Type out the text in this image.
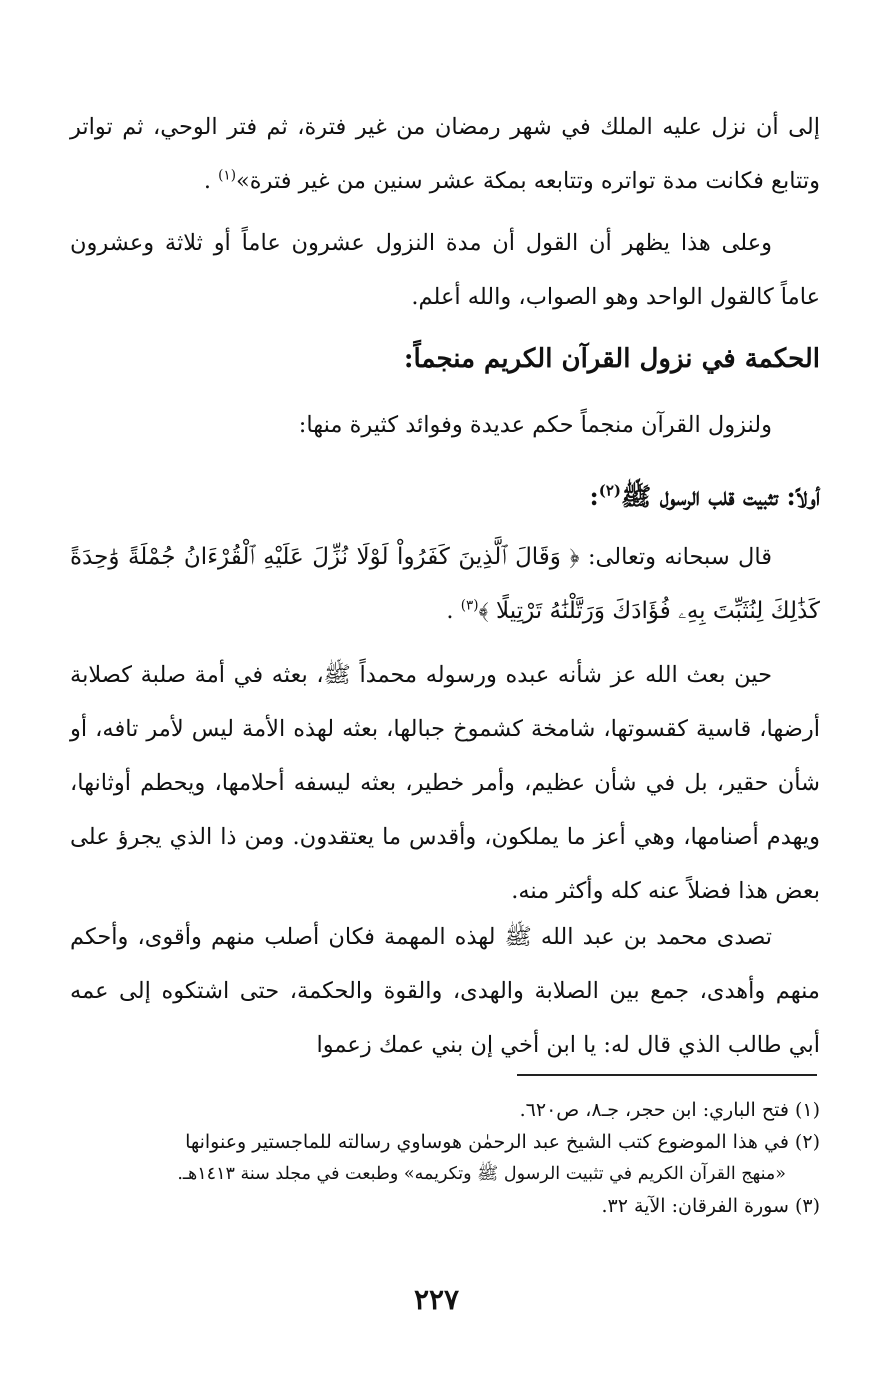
إلى أن نزل عليه الملك في شهر رمضان من غير فترة، ثم فتر الوحي، ثم تواتر وتتابع فكانت مدة تواتره وتتابعه بمكة عشر سنين من غير فترة»$^{(١)}$ .

وعلى هذا يظهر أن القول أن مدة النزول عشرون عاماً أو ثلاثة وعشرون عاماً كالقول الواحد وهو الصواب، والله أعلم.

الحكمة في نزول القرآن الكريم منجماً:

ولنزول القرآن منجماً حكم عديدة وفوائد كثيرة منها:

أولاً: تثبيت قلب الرسول ﷺ$^{(٢)}$:

قال سبحانه وتعالى: ﴿ وَقَالَ ٱلَّذِينَ كَفَرُواْ لَوْلَا نُزِّلَ عَلَيْهِ ٱلْقُرْءَانُ جُمْلَةً وَٰحِدَةً كَذَٰلِكَ لِنُثَبِّتَ بِهِۦ فُؤَادَكَ وَرَتَّلْنَٰهُ تَرْتِيلًا ﴾$^{(٣)}$ .

حين بعث الله عز شأنه عبده ورسوله محمداً ﷺ، بعثه في أمة صلبة كصلابة أرضها، قاسية كقسوتها، شامخة كشموخ جبالها، بعثه لهذه الأمة ليس لأمر تافه، أو شأن حقير، بل في شأن عظيم، وأمر خطير، بعثه ليسفه أحلامها، ويحطم أوثانها، ويهدم أصنامها، وهي أعز ما يملكون، وأقدس ما يعتقدون. ومن ذا الذي يجرؤ على بعض هذا فضلاً عنه كله وأكثر منه.

تصدى محمد بن عبد الله ﷺ لهذه المهمة فكان أصلب منهم وأقوى، وأحكم منهم وأهدى، جمع بين الصلابة والهدى، والقوة والحكمة، حتى اشتكوه إلى عمه أبي طالب الذي قال له: يا ابن أخي إن بني عمك زعموا

(١) فتح الباري: ابن حجر، جـ٨، ص٦٢٠.

(٢) في هذا الموضوع كتب الشيخ عبد الرحمٰن هوساوي رسالته للماجستير وعنوانها

«منهج القرآن الكريم في تثبيت الرسول ﷺ وتكريمه» وطبعت في مجلد سنة ١٤١٣هـ.

(٣) سورة الفرقان: الآية ٣٢.

٢٢٧
